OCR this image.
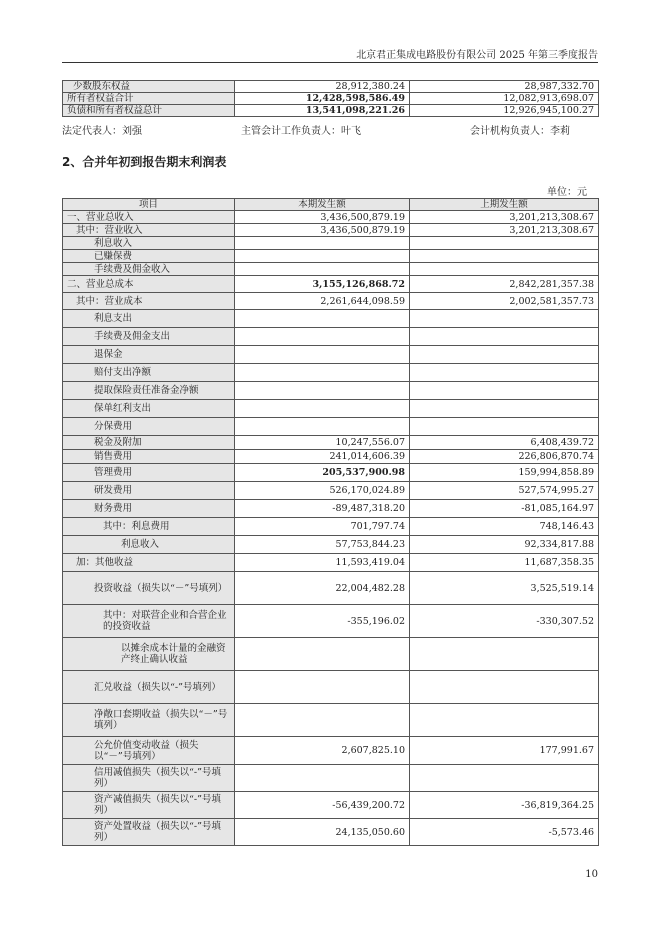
北京君正集成电路股份有限公司 2025 年第三季度报告
少数股东权益	28,912,380.24	28,987,332.70
所有者权益合计	12,428,598,586.49	12,082,913,698.07
负债和所有者权益总计	13,541,098,221.26	12,926,945,100.27
法定代表人：刘强	主管会计工作负责人：叶飞	会计机构负责人：李莉
2、合并年初到报告期末利润表
单位：元
项目	本期发生额	上期发生额
一、营业总收入	3,436,500,879.19	3,201,213,308.67
其中：营业收入	3,436,500,879.19	3,201,213,308.67
利息收入		
已赚保费		
手续费及佣金收入		
二、营业总成本	3,155,126,868.72	2,842,281,357.38
其中：营业成本	2,261,644,098.59	2,002,581,357.73
利息支出		
手续费及佣金支出		
退保金		
赔付支出净额		
提取保险责任准备金净额		
保单红利支出		
分保费用		
税金及附加	10,247,556.07	6,408,439.72
销售费用	241,014,606.39	226,806,870.74
管理费用	205,537,900.98	159,994,858.89
研发费用	526,170,024.89	527,574,995.27
财务费用	-89,487,318.20	-81,085,164.97
其中：利息费用	701,797.74	748,146.43
利息收入	57,753,844.23	92,334,817.88
加：其他收益	11,593,419.04	11,687,358.35
投资收益（损失以“－”号填列）	22,004,482.28	3,525,519.14
其中：对联营企业和合营企业的投资收益	-355,196.02	-330,307.52
以摊余成本计量的金融资产终止确认收益		
汇兑收益（损失以“-”号填列）		
净敞口套期收益（损失以“－”号填列）		
公允价值变动收益（损失以“－”号填列）	2,607,825.10	177,991.67
信用减值损失（损失以“-”号填列）		
资产减值损失（损失以“-”号填列）	-56,439,200.72	-36,819,364.25
资产处置收益（损失以“-”号填列）	24,135,050.60	-5,573.46
10
